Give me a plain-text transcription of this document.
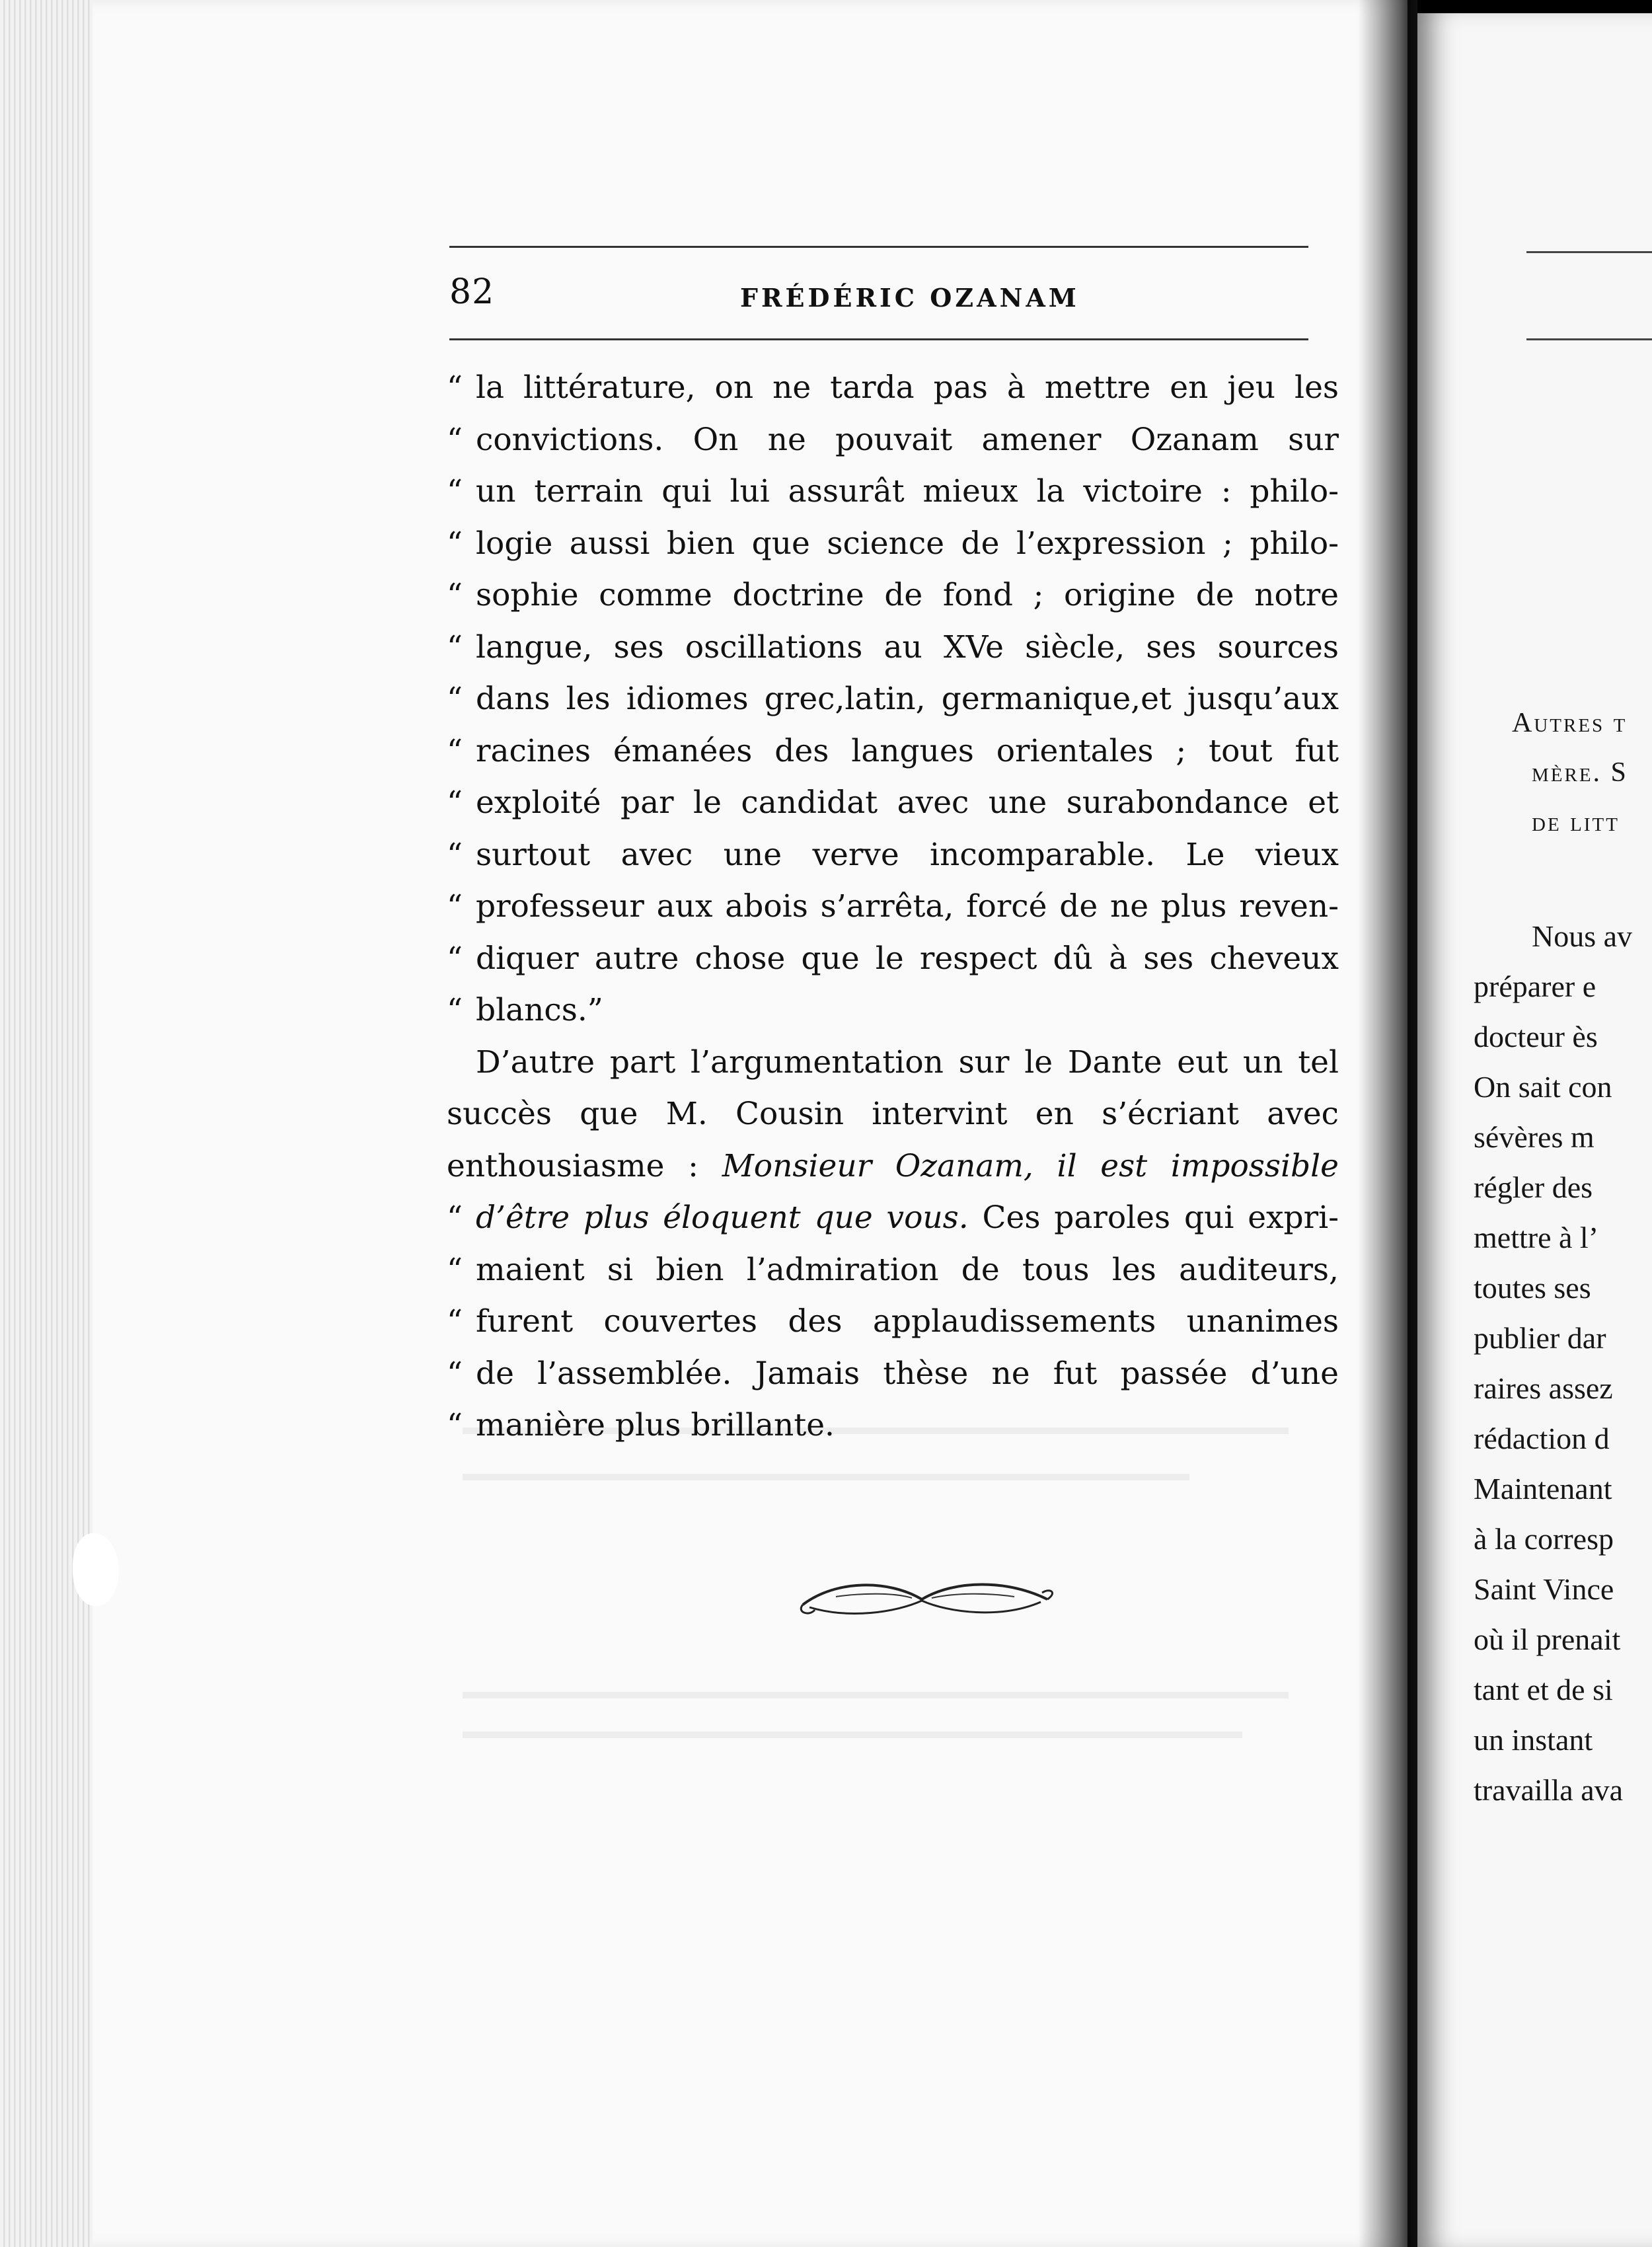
82	FRÉDÉRIC OZANAM
“ la littérature, on ne tarda pas à mettre en jeu les
“ convictions. On ne pouvait amener Ozanam sur
“ un terrain qui lui assurât mieux la victoire : philo-
“ logie aussi bien que science de l’expression ; philo-
“ sophie comme doctrine de fond ; origine de notre
“ langue, ses oscillations au XVe siècle, ses sources
“ dans les idiomes grec,latin, germanique,et jusqu’aux
“ racines émanées des langues orientales ; tout fut
“ exploité par le candidat avec une surabondance et
“ surtout avec une verve incomparable. Le vieux
“ professeur aux abois s’arrêta, forcé de ne plus reven-
“ diquer autre chose que le respect dû à ses cheveux
“ blancs.”
D’autre part l’argumentation sur le Dante eut un tel
succès que M. Cousin intervint en s’écriant avec
enthousiasme : Monsieur Ozanam, il est impossible
“ d’être plus éloquent que vous. Ces paroles qui expri-
“ maient si bien l’admiration de tous les auditeurs,
“ furent couvertes des applaudissements unanimes
“ de l’assemblée. Jamais thèse ne fut passée d’une
“ manière plus brillante.
Autres t
mère. S
de litt
Nous av
préparer e
docteur ès
On sait con
sévères m
régler des
mettre à l’
toutes ses
publier dar
raires assez
rédaction d
Maintenant
à la corresp
Saint Vince
où il prenait
tant et de si
un instant
travailla ava
